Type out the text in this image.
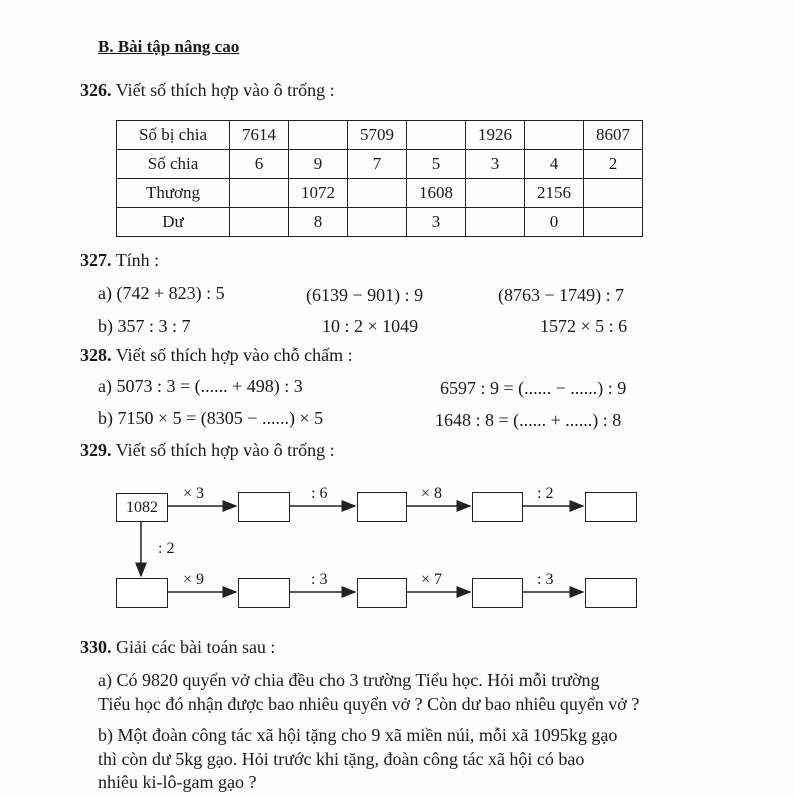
B. Bài tập nâng cao
326. Viết số thích hợp vào ô trống :
Số bị chia	7614		5709		1926		8607
Số chia	6	9	7	5	3	4	2
Thương		1072		1608		2156	
Dư		8		3		0	
327. Tính :
a) (742 + 823) : 5	(6139 − 901) : 9	(8763 − 1749) : 7
b) 357 : 3 : 7	10 : 2 × 1049	1572 × 5 : 6
328. Viết số thích hợp vào chỗ chấm :
a) 5073 : 3 = (...... + 498) : 3	6597 : 9 = (...... − ......) : 9
b) 7150 × 5 = (8305 − ......) × 5	1648 : 8 = (...... + ......) : 8
329. Viết số thích hợp vào ô trống :
1082
× 3	: 6	× 8	: 2
: 2
× 9	: 3	× 7	: 3
330. Giải các bài toán sau :
a) Có 9820 quyển vở chia đều cho 3 trường Tiểu học. Hỏi mỗi trường
Tiểu học đó nhận được bao nhiêu quyển vở ? Còn dư bao nhiêu quyển vở ?
b) Một đoàn công tác xã hội tặng cho 9 xã miền núi, mỗi xã 1095kg gạo
thì còn dư 5kg gạo. Hỏi trước khi tặng, đoàn công tác xã hội có bao
nhiêu ki-lô-gam gạo ?
